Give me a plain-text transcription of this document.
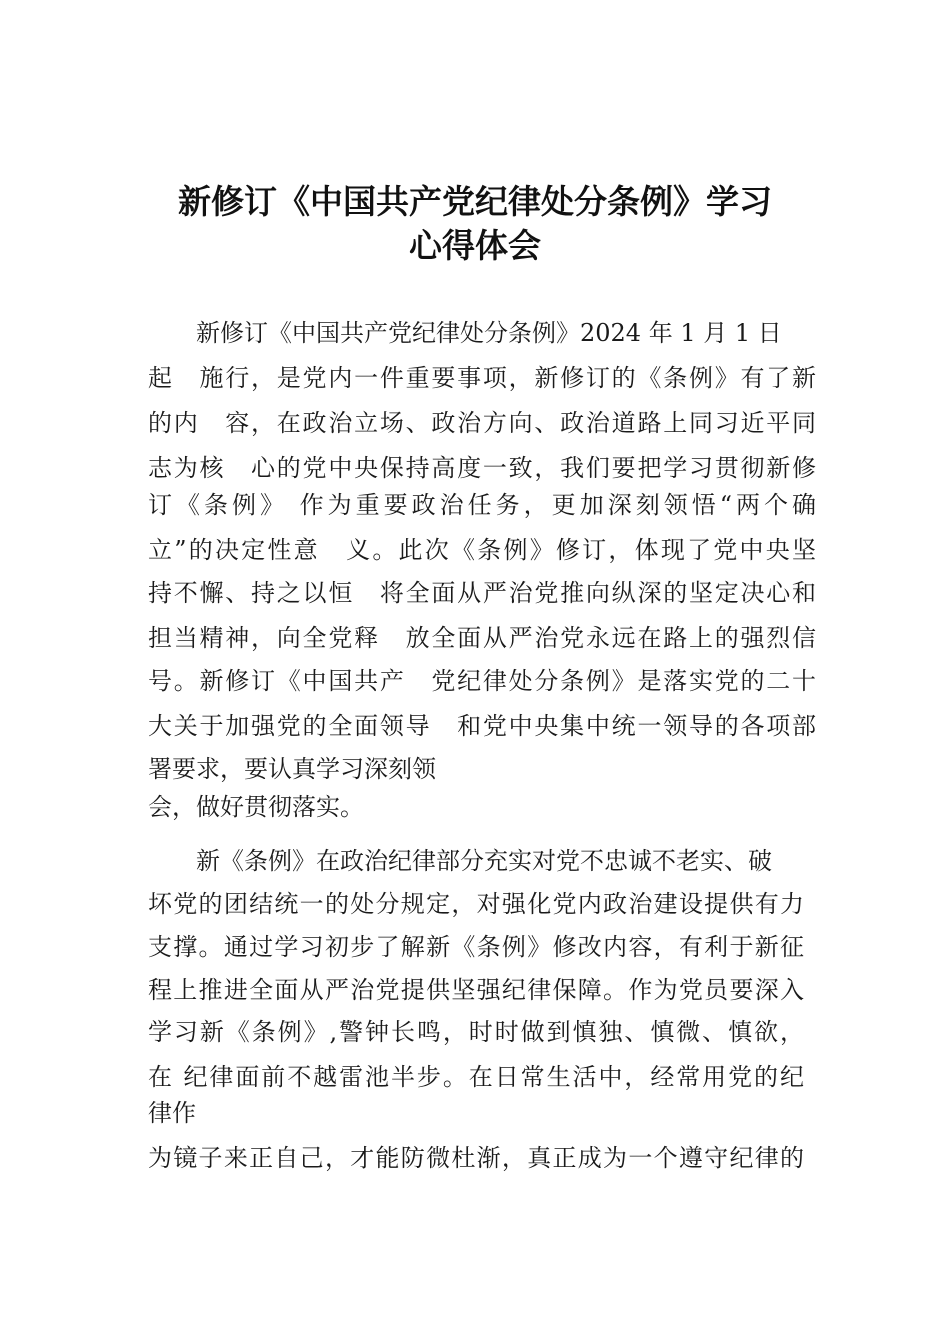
新修订《中国共产党纪律处分条例》学习
心得体会
新修订《中国共产党纪律处分条例》2024 年 1 月 1 日
起　施行，是党内一件重要事项，新修订的《条例》有了新
的内　容，在政治立场、政治方向、政治道路上同习近平同
志为核　心的党中央保持高度一致，我们要把学习贯彻新修
订《条例》 作为重要政治任务，更加深刻领悟“两个确
立”的决定性意　义。此次《条例》修订，体现了党中央坚
持不懈、持之以恒　将全面从严治党推向纵深的坚定决心和
担当精神，向全党释　放全面从严治党永远在路上的强烈信
号。新修订《中国共产　党纪律处分条例》是落实党的二十
大关于加强党的全面领导　和党中央集中统一领导的各项部
署要求，要认真学习深刻领
会，做好贯彻落实。
新《条例》在政治纪律部分充实对党不忠诚不老实、破
坏党的团结统一的处分规定，对强化党内政治建设提供有力
支撑。通过学习初步了解新《条例》修改内容，有利于新征
程上推进全面从严治党提供坚强纪律保障。作为党员要深入
学习新《条例》,警钟长鸣，时时做到慎独、慎微、慎欲，
在 纪律面前不越雷池半步。在日常生活中，经常用党的纪
律作
为镜子来正自己，才能防微杜渐，真正成为一个遵守纪律的
